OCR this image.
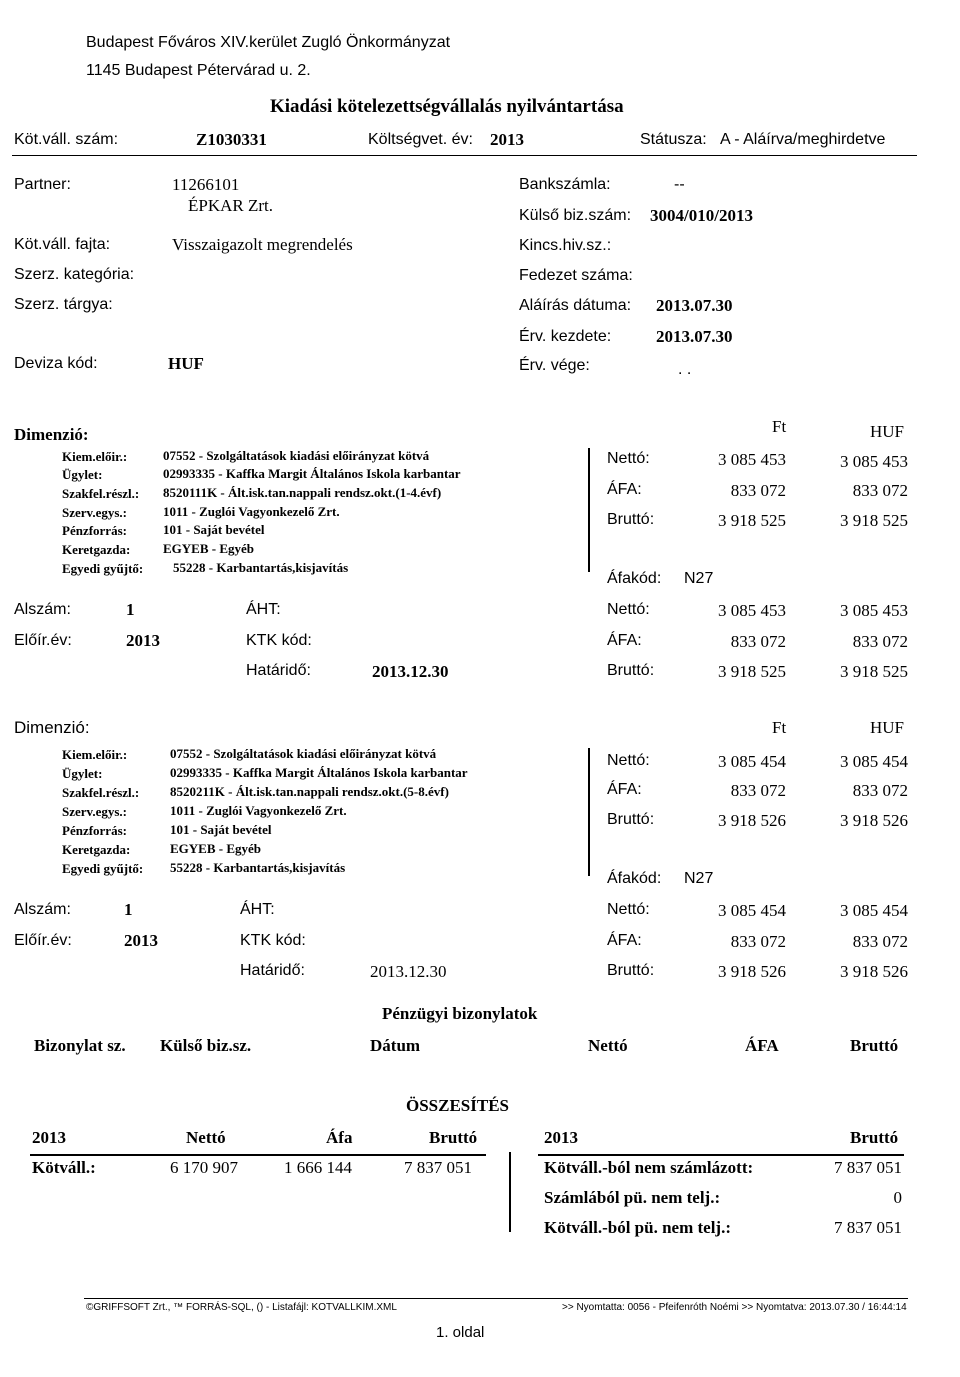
Budapest Főváros XIV.kerület Zugló Önkormányzat
1145 Budapest Pétervárad u. 2.
Kiadási kötelezettségvállalás nyilvántartása
Köt.váll. szám:	Z1030331	Költségvet. év: 2013	Státusza: A - Aláírva/meghirdetve
Partner:	11266101
ÉPKAR Zrt.
Köt.váll. fajta:	Visszaigazolt megrendelés
Szerz. kategória:
Szerz. tárgya:
Deviza kód:	HUF
Bankszámla:	--
Külső biz.szám: 3004/010/2013
Kincs.hiv.sz.:
Fedezet száma:
Aláírás dátuma: 2013.07.30
Érv. kezdete:	2013.07.30
Érv. vége:	. .
Dimenzió:	Ft	HUF
Kiem.előir.:	07552 - Szolgáltatások kiadási előirányzat kötvá
Ügylet:	02993335 - Kaffka Margit Általános Iskola karbantar
Szakfel.részl.: 8520111K - Ált.isk.tan.nappali rendsz.okt.(1-4.évf)
Szerv.egys.:	1011 - Zuglói Vagyonkezelő Zrt.
Pénzforrás:	101 - Saját bevétel
Keretgazda:	EGYEB - Egyéb
Egyedi gyűjtő: 55228 - Karbantartás,kisjavítás
Nettó:	3 085 453	3 085 453
ÁFA:	833 072	833 072
Bruttó:	3 918 525	3 918 525
Áfakód: N27
Alszám:	1
Előír.év:	2013
ÁHT:
KTK kód:
Határidő:	2013.12.30
Nettó:	3 085 453	3 085 453
ÁFA:	833 072	833 072
Bruttó:	3 918 525	3 918 525
Dimenzió:	Ft	HUF
Kiem.előir.:	07552 - Szolgáltatások kiadási előirányzat kötvá
Ügylet:	02993335 - Kaffka Margit Általános Iskola karbantar
Szakfel.részl.: 8520211K - Ált.isk.tan.nappali rendsz.okt.(5-8.évf)
Szerv.egys.:	1011 - Zuglói Vagyonkezelő Zrt.
Pénzforrás:	101 - Saját bevétel
Keretgazda:	EGYEB - Egyéb
Egyedi gyűjtő: 55228 - Karbantartás,kisjavítás
Nettó:	3 085 454	3 085 454
ÁFA:	833 072	833 072
Bruttó:	3 918 526	3 918 526
Áfakód: N27
Alszám:	1
Előír.év:	2013
ÁHT:
KTK kód:
Határidő:	2013.12.30
Nettó:	3 085 454	3 085 454
ÁFA:	833 072	833 072
Bruttó:	3 918 526	3 918 526
Pénzügyi bizonylatok
Bizonylat sz. Külső biz.sz.	Dátum	Nettó	ÁFA	Bruttó
ÖSSZESÍTÉS
2013	Nettó	Áfa	Bruttó
Kötváll.:	6 170 907	1 666 144	7 837 051
2013	Bruttó
Kötváll.-ból nem számlázott:	7 837 051
Számlából pü. nem telj.:	0
Kötváll.-ból pü. nem telj.:	7 837 051
©GRIFFSOFT Zrt., ™ FORRÁS-SQL, () - Listafájl: KOTVALLKIM.XML	>> Nyomtatta: 0056 - Pfeifenróth Noémi >> Nyomtatva: 2013.07.30 / 16:44:14
1. oldal
